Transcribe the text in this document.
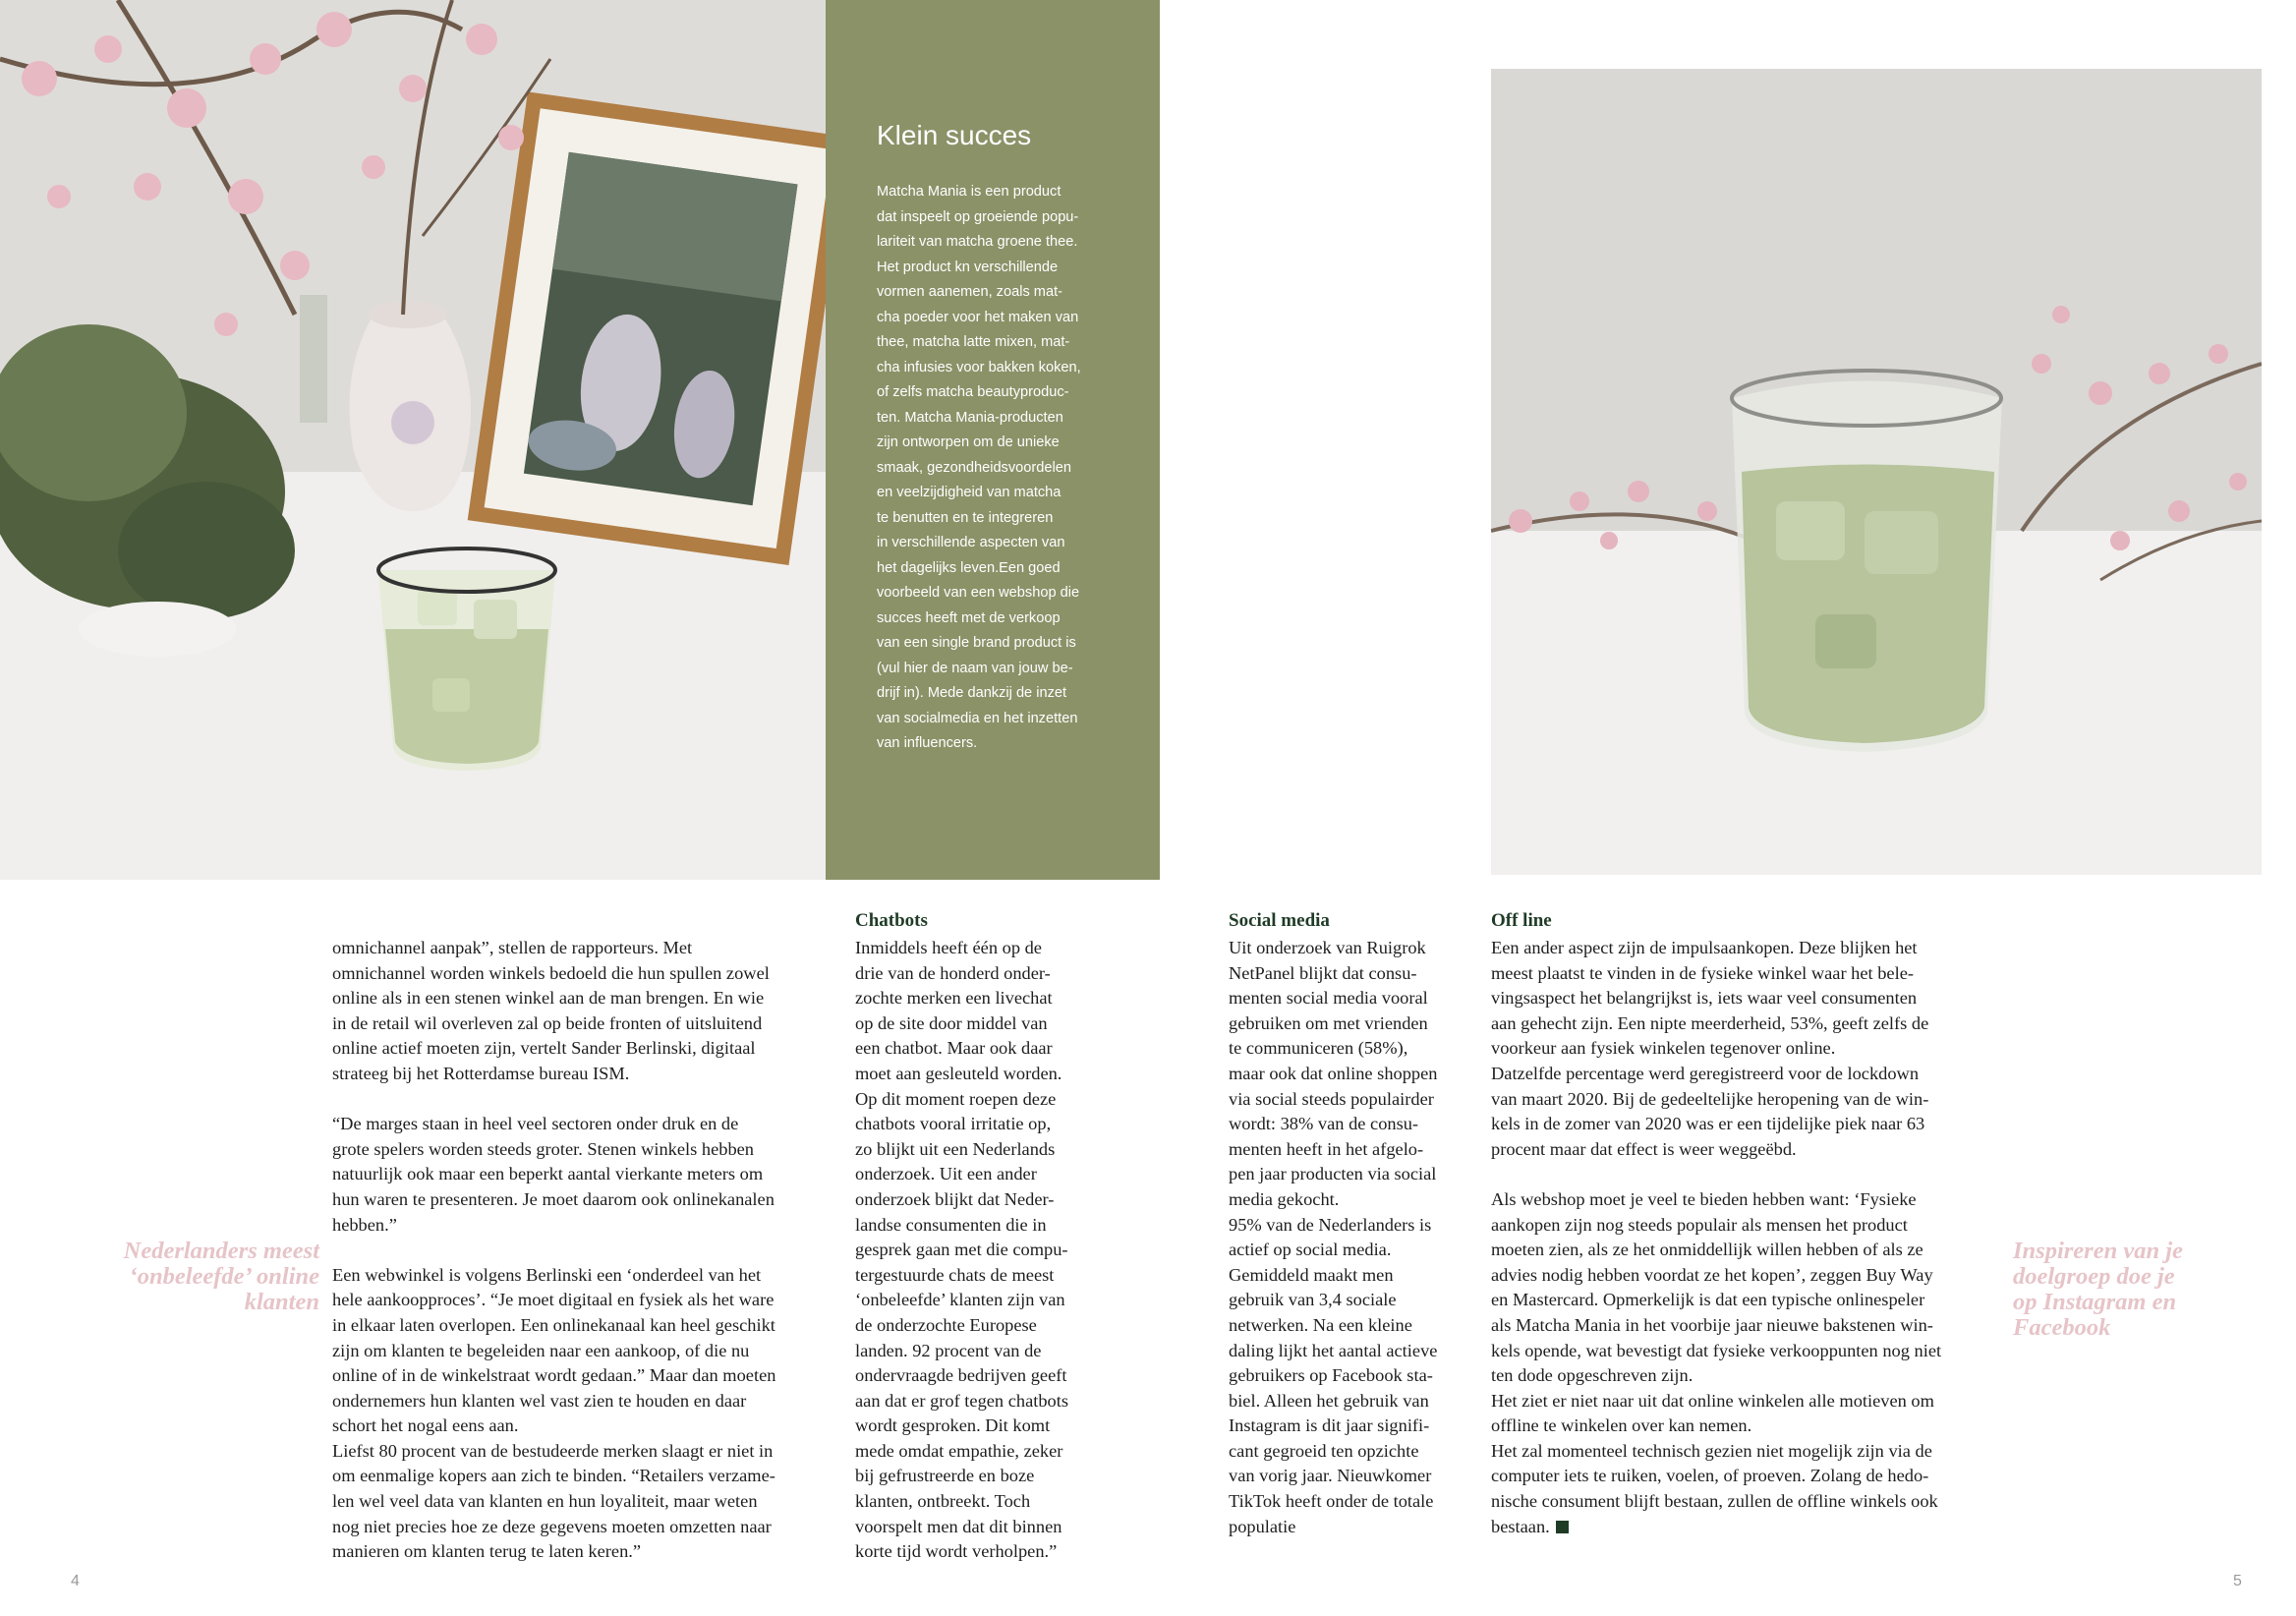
Klein succes
Matcha Mania is een product
dat inspeelt op groeiende popu-
lariteit van matcha groene thee.
Het product kn verschillende
vormen aanemen, zoals mat-
cha poeder voor het maken van
thee, matcha latte mixen, mat-
cha infusies voor bakken koken,
of zelfs matcha beautyproduc-
ten. Matcha Mania-producten
zijn ontworpen om de unieke
smaak, gezondheidsvoordelen
en veelzijdigheid van matcha
te benutten en te integreren
in verschillende aspecten van
het dagelijks leven.Een goed
voorbeeld van een webshop die
succes heeft met de verkoop
van een single brand product is
(vul hier de naam van jouw be-
drijf in). Mede dankzij de inzet
van socialmedia en het inzetten
van influencers.
omnichannel aanpak”, stellen de rapporteurs. Met
omnichannel worden winkels bedoeld die hun spullen zowel
online als in een stenen winkel aan de man brengen. En wie
in de retail wil overleven zal op beide fronten of uitsluitend
online actief moeten zijn, vertelt Sander Berlinski, digitaal
strateeg bij het Rotterdamse bureau ISM.

“De marges staan in heel veel sectoren onder druk en de
grote spelers worden steeds groter. Stenen winkels hebben
natuurlijk ook maar een beperkt aantal vierkante meters om
hun waren te presenteren. Je moet daarom ook onlinekanalen
hebben.”

Een webwinkel is volgens Berlinski een ‘onderdeel van het
hele aankoopproces’. “Je moet digitaal en fysiek als het ware
in elkaar laten overlopen. Een onlinekanaal kan heel geschikt
zijn om klanten te begeleiden naar een aankoop, of die nu
online of in de winkelstraat wordt gedaan.” Maar dan moeten
ondernemers hun klanten wel vast zien te houden en daar
schort het nogal eens aan.
Liefst 80 procent van de bestudeerde merken slaagt er niet in
om eenmalige kopers aan zich te binden. “Retailers verzame-
len wel veel data van klanten en hun loyaliteit, maar weten
nog niet precies hoe ze deze gegevens moeten omzetten naar
manieren om klanten terug te laten keren.”
Chatbots
Inmiddels heeft één op de
drie van de honderd onder-
zochte merken een livechat
op de site door middel van
een chatbot. Maar ook daar
moet aan gesleuteld worden.
Op dit moment roepen deze
chatbots vooral irritatie op,
zo blijkt uit een Nederlands
onderzoek. Uit een ander
onderzoek blijkt dat Neder-
landse consumenten die in
gesprek gaan met die compu-
tergestuurde chats de meest
‘onbeleefde’ klanten zijn van
de onderzochte Europese
landen. 92 procent van de
ondervraagde bedrijven geeft
aan dat er grof tegen chatbots
wordt gesproken. Dit komt
mede omdat empathie, zeker
bij gefrustreerde en boze
klanten, ontbreekt. Toch
voorspelt men dat dit binnen
korte tijd wordt verholpen.”
Social media
Uit onderzoek van Ruigrok
NetPanel blijkt dat consu-
menten social media vooral
gebruiken om met vrienden
te communiceren (58%),
maar ook dat online shoppen
via social steeds populairder
wordt: 38% van de consu-
menten heeft in het afgelo-
pen jaar producten via social
media gekocht.
95% van de Nederlanders is
actief op social media.
Gemiddeld maakt men
gebruik van 3,4 sociale
netwerken. Na een kleine
daling lijkt het aantal actieve
gebruikers op Facebook sta-
biel. Alleen het gebruik van
Instagram is dit jaar signifi-
cant gegroeid ten opzichte
van vorig jaar. Nieuwkomer
TikTok heeft onder de totale
populatie
Off line
Een ander aspect zijn de impulsaankopen. Deze blijken het
meest plaatst te vinden in de fysieke winkel waar het bele-
vingsaspect het belangrijkst is, iets waar veel consumenten
aan gehecht zijn. Een nipte meerderheid, 53%, geeft zelfs de
voorkeur aan fysiek winkelen tegenover online.
Datzelfde percentage werd geregistreerd voor de lockdown
van maart 2020. Bij de gedeeltelijke heropening van de win-
kels in de zomer van 2020 was er een tijdelijke piek naar 63
procent maar dat effect is weer weggeëbd.

Als webshop moet je veel te bieden hebben want: ‘Fysieke
aankopen zijn nog steeds populair als mensen het product
moeten zien, als ze het onmiddellijk willen hebben of als ze
advies nodig hebben voordat ze het kopen’, zeggen Buy Way
en Mastercard. Opmerkelijk is dat een typische onlinespeler
als Matcha Mania in het voorbije jaar nieuwe bakstenen win-
kels opende, wat bevestigt dat fysieke verkooppunten nog niet
ten dode opgeschreven zijn.
Het ziet er niet naar uit dat online winkelen alle motieven om
offline te winkelen over kan nemen.
Het zal momenteel technisch gezien niet mogelijk zijn via de
computer iets te ruiken, voelen, of proeven. Zolang de hedo-
nische consument blijft bestaan, zullen de offline winkels ook
bestaan.
Nederlanders meest
‘onbeleefde’ online
klanten
Inspireren van je
doelgroep doe je
op Instagram en
Facebook
4	5
